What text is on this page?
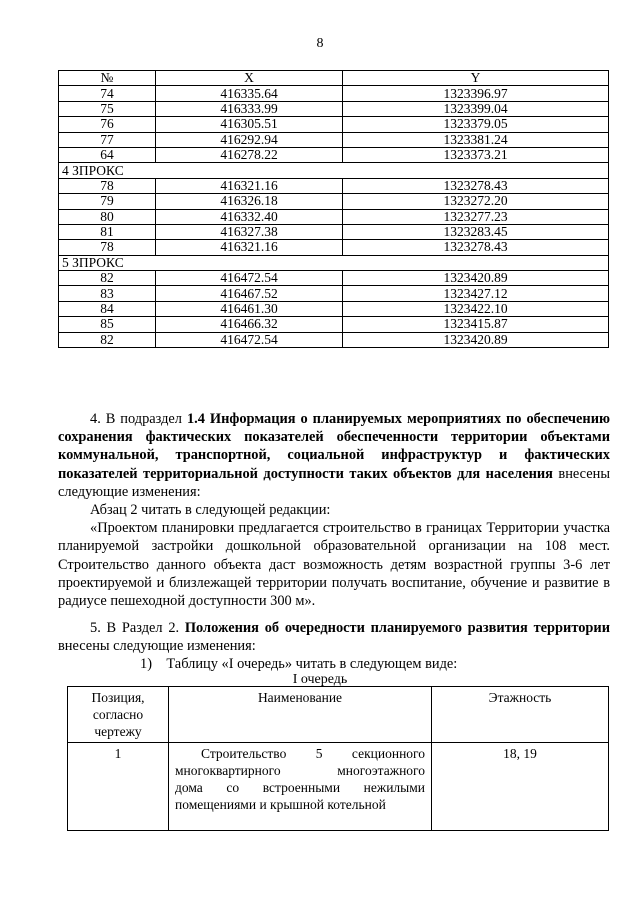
8
№	X	Y
74	416335.64	1323396.97
75	416333.99	1323399.04
76	416305.51	1323379.05
77	416292.94	1323381.24
64	416278.22	1323373.21
4 ЗПРОКС		
78	416321.16	1323278.43
79	416326.18	1323272.20
80	416332.40	1323277.23
81	416327.38	1323283.45
78	416321.16	1323278.43
5 ЗПРОКС		
82	416472.54	1323420.89
83	416467.52	1323427.12
84	416461.30	1323422.10
85	416466.32	1323415.87
82	416472.54	1323420.89

4. В подраздел 1.4 Информация о планируемых мероприятиях по обеспечению сохранения фактических показателей обеспеченности территории объектами коммунальной, транспортной, социальной инфраструктур и фактических показателей территориальной доступности таких объектов для населения внесены следующие изменения:

Абзац 2 читать в следующей редакции:

«Проектом планировки предлагается строительство в границах Территории участка планируемой застройки дошкольной образовательной организации на 108 мест. Строительство данного объекта даст возможность детям возрастной группы 3-6 лет проектируемой и близлежащей территории получать воспитание, обучение и развитие в радиусе пешеходной доступности 300 м».

5. В Раздел 2. Положения об очередности планируемого развития территории внесены следующие изменения:

1)    Таблицу «I очередь» читать в следующем виде:

I очередь
Позиция,
согласно
чертежу	Наименование	Этажность
1	Строительство 5 секционного
многоквартирного многоэтажного
дома со встроенными нежилыми
помещениями и крышной котельной	18, 19
